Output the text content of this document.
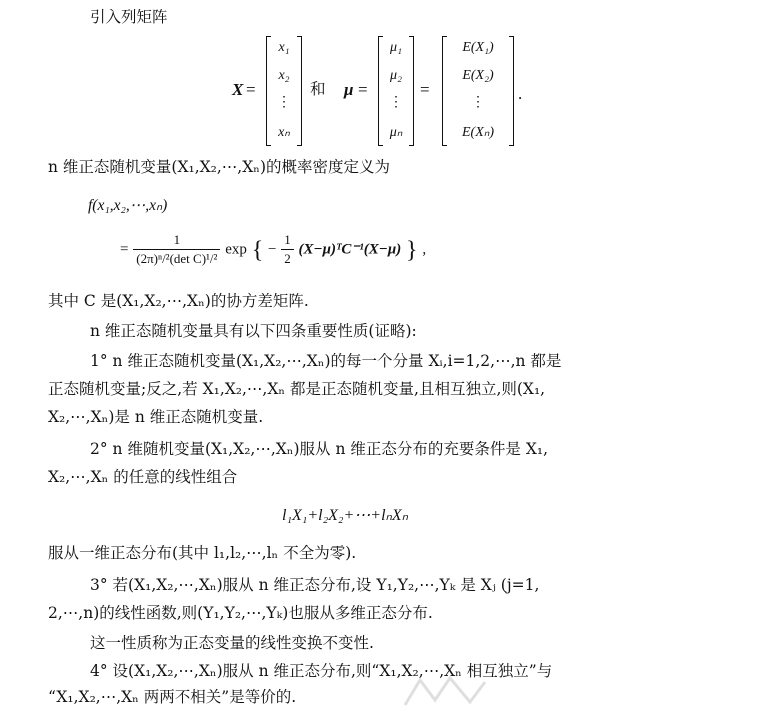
引入列矩阵
X =
x₁
x₂
⋮
xₙ
和 μ =
μ₁
μ₂
⋮
μₙ
=
E(X₁)
E(X₂)
⋮
E(Xₙ)
.
n 维正态随机变量(X₁,X₂,⋯,Xₙ)的概率密度定义为
f(x₁,x₂,⋯,xₙ)
= $\frac{1}{\text{(2π)ⁿ/²(det C)¹/²}}$ exp { − $\frac{1}{2}$ (X−μ)ᵀC⁻¹(X−μ) } ,
其中 C 是(X₁,X₂,⋯,Xₙ)的协方差矩阵.
n 维正态随机变量具有以下四条重要性质(证略):
1° n 维正态随机变量(X₁,X₂,⋯,Xₙ)的每一个分量 Xᵢ,i=1,2,⋯,n 都是
正态随机变量;反之,若 X₁,X₂,⋯,Xₙ 都是正态随机变量,且相互独立,则(X₁,
X₂,⋯,Xₙ)是 n 维正态随机变量.
2° n 维随机变量(X₁,X₂,⋯,Xₙ)服从 n 维正态分布的充要条件是 X₁,
X₂,⋯,Xₙ 的任意的线性组合
l₁X₁+l₂X₂+⋯+lₙXₙ
服从一维正态分布(其中 l₁,l₂,⋯,lₙ 不全为零).
3° 若(X₁,X₂,⋯,Xₙ)服从 n 维正态分布,设 Y₁,Y₂,⋯,Yₖ 是 Xⱼ (j=1,
2,⋯,n)的线性函数,则(Y₁,Y₂,⋯,Yₖ)也服从多维正态分布.
这一性质称为正态变量的线性变换不变性.
4° 设(X₁,X₂,⋯,Xₙ)服从 n 维正态分布,则“X₁,X₂,⋯,Xₙ 相互独立”与
“X₁,X₂,⋯,Xₙ 两两不相关”是等价的.
